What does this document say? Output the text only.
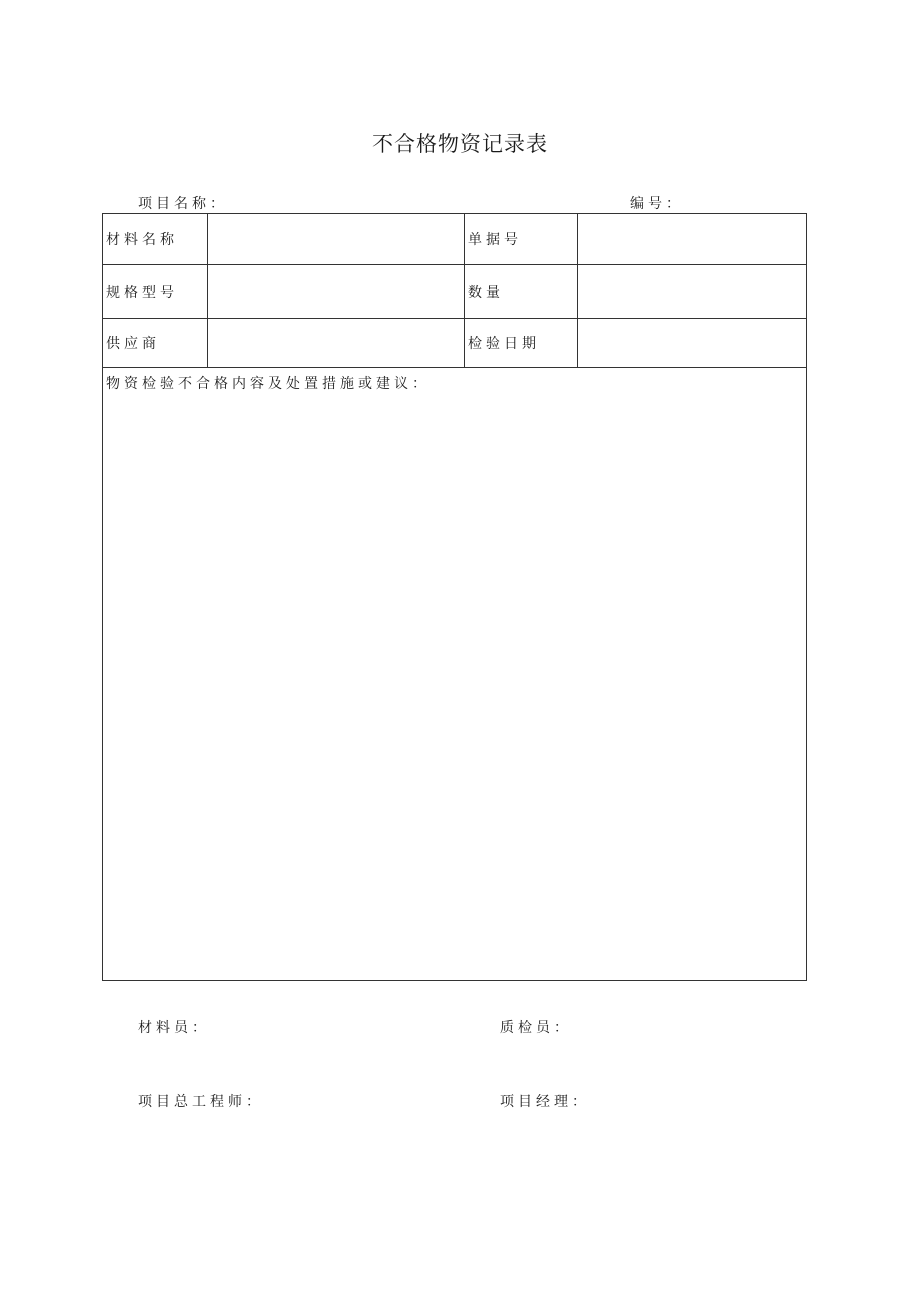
不合格物资记录表
项目名称：	编号：
材料名称		单据号	
规格型号		数量	
供应商		检验日期	

物资检验不合格内容及处置措施或建议：			
材料员：	质检员：
项目总工程师：	项目经理：
